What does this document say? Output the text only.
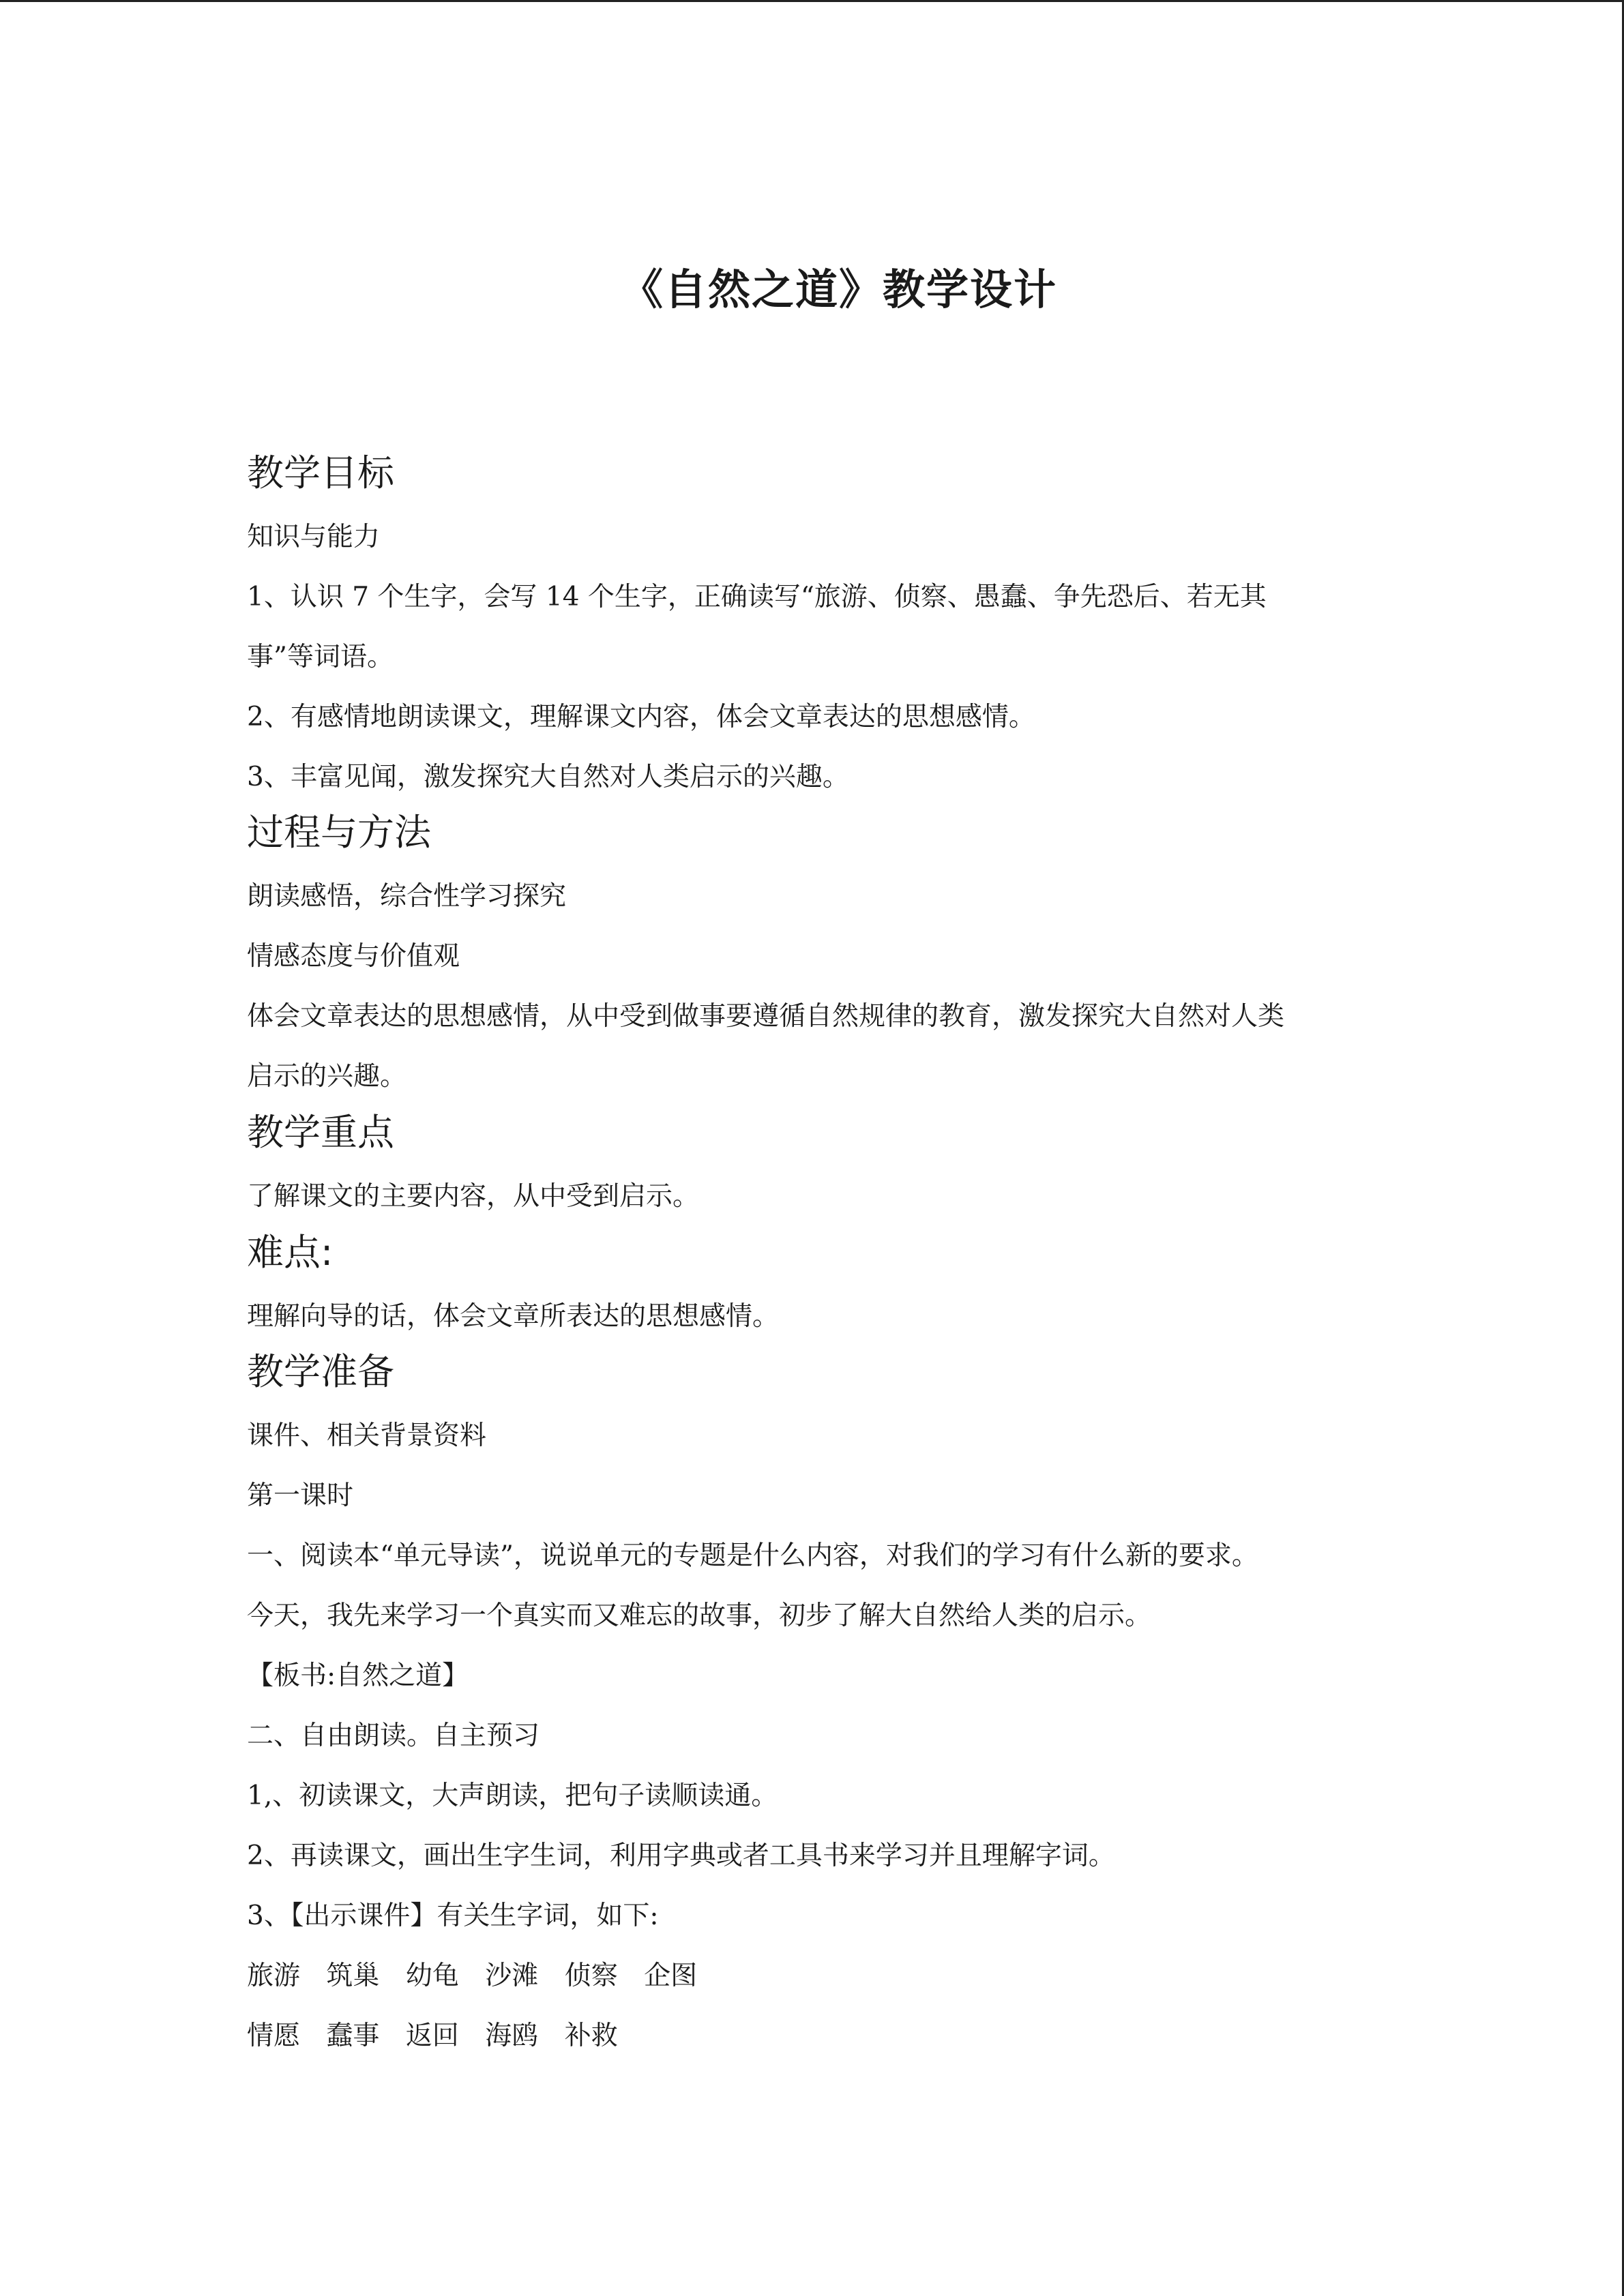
《自然之道》教学设计
教学目标
知识与能力
1、认识 7 个生字，会写 14 个生字，正确读写“旅游、侦察、愚蠢、争先恐后、若无其
事”等词语。
2、有感情地朗读课文，理解课文内容，体会文章表达的思想感情。
3、丰富见闻，激发探究大自然对人类启示的兴趣。
过程与方法
朗读感悟，综合性学习探究
情感态度与价值观
体会文章表达的思想感情，从中受到做事要遵循自然规律的教育，激发探究大自然对人类
启示的兴趣。
教学重点
了解课文的主要内容，从中受到启示。
难点:
理解向导的话，体会文章所表达的思想感情。
教学准备
课件、相关背景资料
第一课时
一、阅读本“单元导读”，说说单元的专题是什么内容，对我们的学习有什么新的要求。
今天，我先来学习一个真实而又难忘的故事，初步了解大自然给人类的启示。
【板书:自然之道】
二、自由朗读。自主预习
1,、初读课文，大声朗读，把句子读顺读通。
2、再读课文，画出生字生词，利用字典或者工具书来学习并且理解字词。
3、【出示课件】有关生字词，如下:
旅游 筑巢 幼龟 沙滩 侦察 企图
情愿 蠢事 返回 海鸥 补救
